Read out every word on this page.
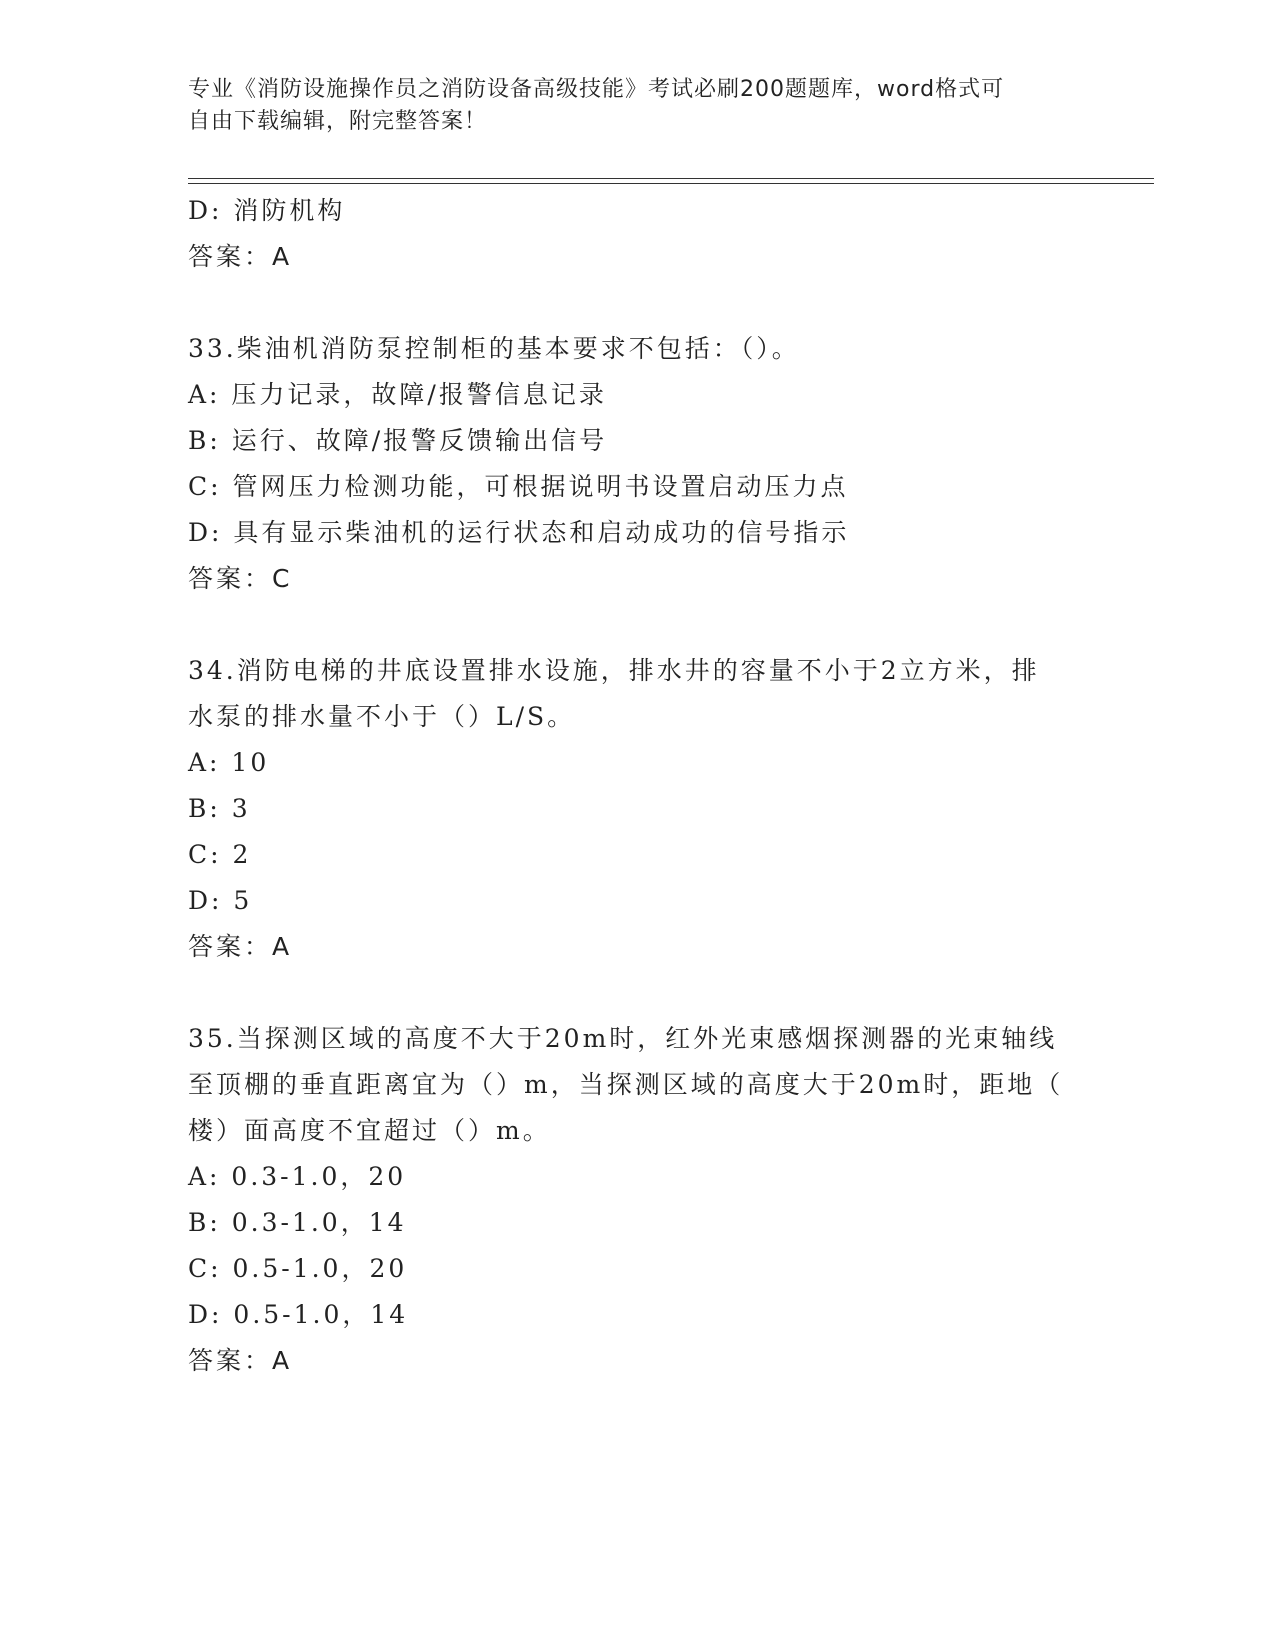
专业《消防设施操作员之消防设备高级技能》考试必刷200题题库，word格式可
自由下载编辑，附完整答案！
D: 消防机构
答案：A
33.柴油机消防泵控制柜的基本要求不包括：（）。
A: 压力记录，故障/报警信息记录
B: 运行、故障/报警反馈输出信号
C: 管网压力检测功能，可根据说明书设置启动压力点
D: 具有显示柴油机的运行状态和启动成功的信号指示
答案：C
34.消防电梯的井底设置排水设施，排水井的容量不小于2立方米，排
水泵的排水量不小于（）L/S。
A: 10
B: 3
C: 2
D: 5
答案：A
35.当探测区域的高度不大于20m时，红外光束感烟探测器的光束轴线
至顶棚的垂直距离宜为（）m，当探测区域的高度大于20m时，距地（
楼）面高度不宜超过（）m。
A: 0.3-1.0，20
B: 0.3-1.0，14
C: 0.5-1.0，20
D: 0.5-1.0，14
答案：A
